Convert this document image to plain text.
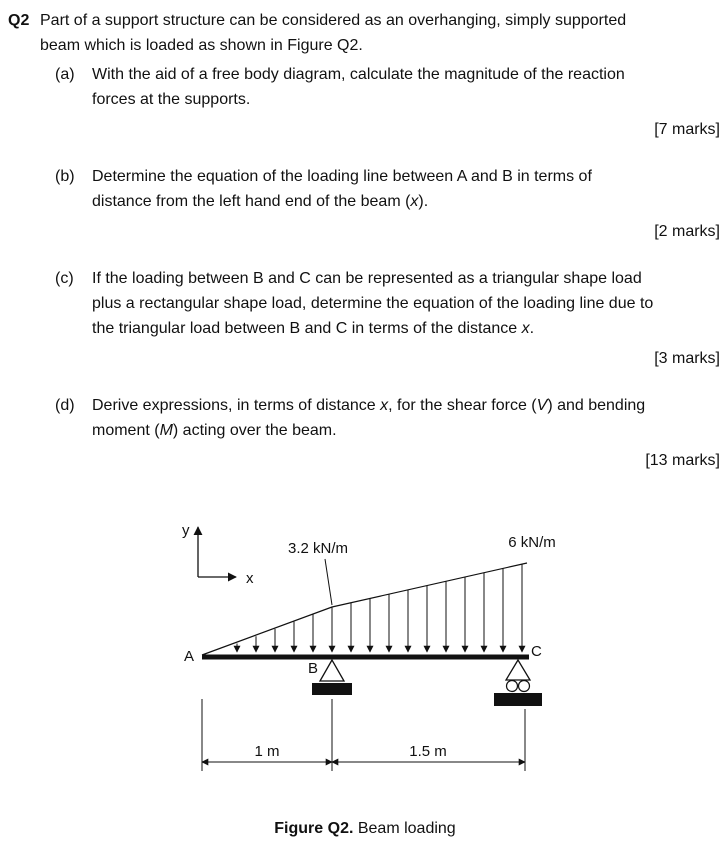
Q2 Part of a support structure can be considered as an overhanging, simply supported
beam which is loaded as shown in Figure Q2.
(a)	With the aid of a free body diagram, calculate the magnitude of the reaction
forces at the supports.
[7 marks]
(b)	Determine the equation of the loading line between A and B in terms of
distance from the left hand end of the beam (x).
[2 marks]
(c)	If the loading between B and C can be represented as a triangular shape load
plus a rectangular shape load, determine the equation of the loading line due to
the triangular load between B and C in terms of the distance x.
[3 marks]
(d)	Derive expressions, in terms of distance x, for the shear force (V) and bending
moment (M) acting over the beam.
[13 marks]
y
x
3.2 kN/m	6 kN/m
A
B
C
1 m	1.5 m
Figure Q2. Beam loading
